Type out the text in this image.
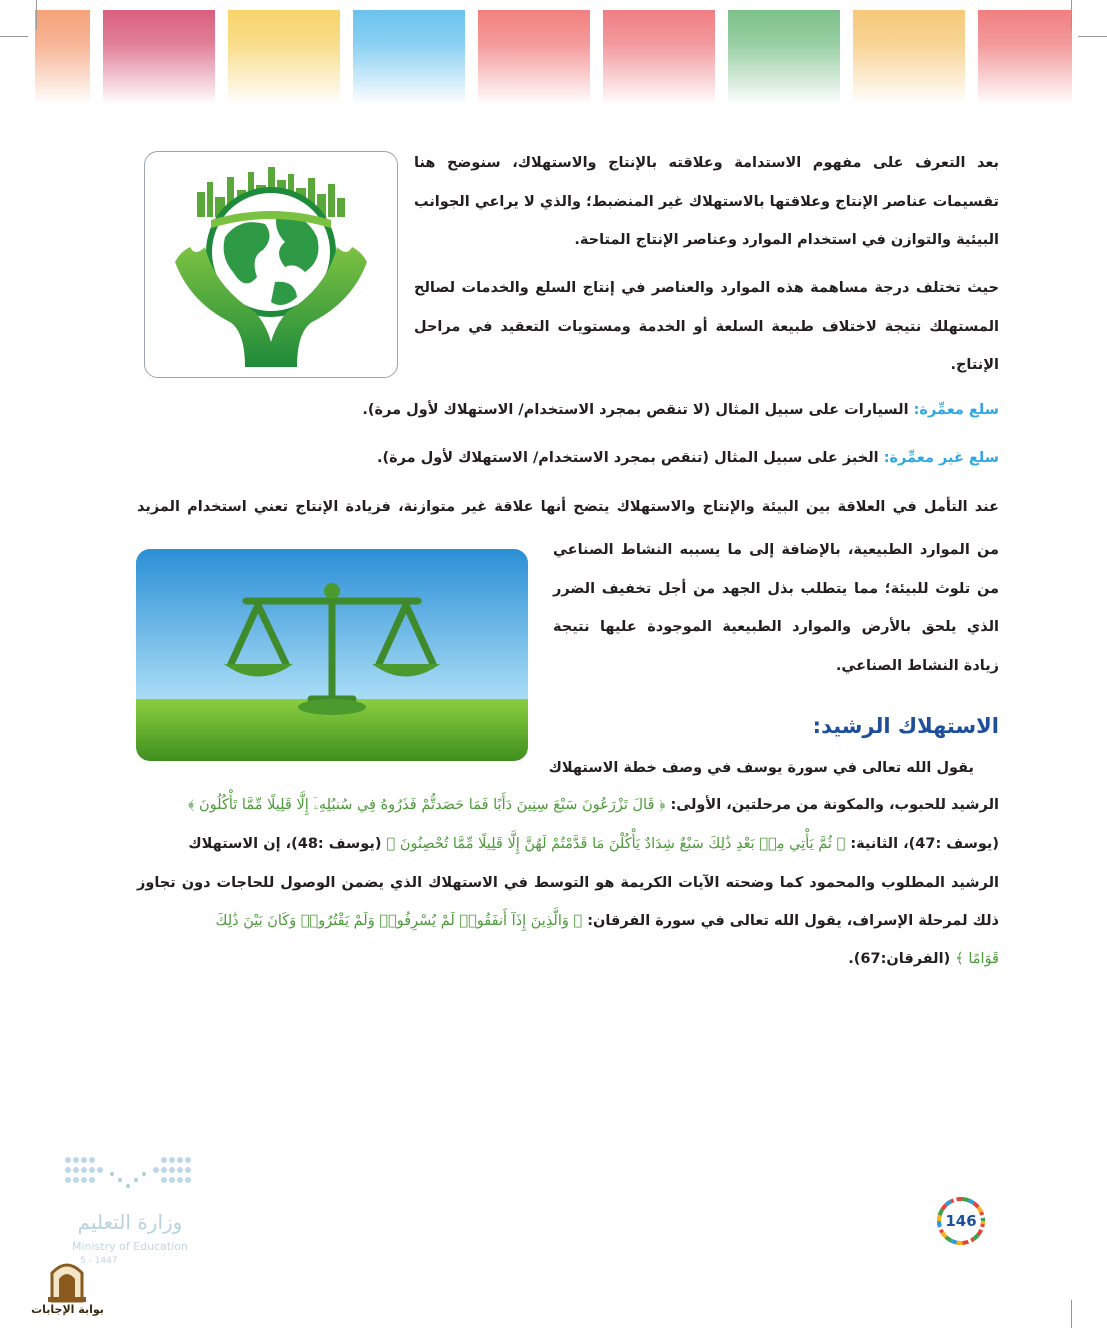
بعد التعرف على مفهوم الاستدامة وعلاقته بالإنتاج والاستهلاك، سنوضح هنا تقسيمات عناصر الإنتاج وعلاقتها بالاستهلاك غير المنضبط؛ والذي لا يراعي الجوانب البيئية والتوازن في استخدام الموارد وعناصر الإنتاج المتاحة.

حيث تختلف درجة مساهمة هذه الموارد والعناصر في إنتاج السلع والخدمات لصالح المستهلك نتيجة لاختلاف طبيعة السلعة أو الخدمة ومستويات التعقيد في مراحل الإنتاج.

سلع معمِّرة: السيارات على سبيل المثال (لا تنقص بمجرد الاستخدام/ الاستهلاك لأول مرة).

سلع غير معمِّرة: الخبز على سبيل المثال (تنقص بمجرد الاستخدام/ الاستهلاك لأول مرة).

عند التأمل في العلاقة بين البيئة والإنتاج والاستهلاك يتضح أنها علاقة غير متوازنة، فزيادة الإنتاج تعني استخدام المزيد

من الموارد الطبيعية، بالإضافة إلى ما يسببه النشاط الصناعي من تلوث للبيئة؛ مما يتطلب بذل الجهد من أجل تخفيف الضرر الذي يلحق بالأرض والموارد الطبيعية الموجودة عليها نتيجة زيادة النشاط الصناعي.

الاستهلاك الرشيد:

يقول الله تعالى في سورة يوسف في وصف خطة الاستهلاك

الرشيد للحبوب، والمكونة من مرحلتين، الأولى: ﴿ قَالَ تَزْرَعُونَ سَبْعَ سِنِينَ دَأَبًا فَمَا حَصَدتُّمْ فَذَرُوهُ فِي سُنبُلِهِۦٓ إِلَّا قَلِيلًا مِّمَّا تَأْكُلُونَ ﴾

(يوسف :47)، الثانية: ﴿ ثُمَّ يَأْتِي مِنۢ بَعْدِ ذَٰلِكَ سَبْعٌ شِدَادٌ يَأْكُلْنَ مَا قَدَّمْتُمْ لَهُنَّ إِلَّا قَلِيلًا مِّمَّا تُحْصِنُونَ ﴾ (يوسف :48)، إن الاستهلاك

الرشيد المطلوب والمحمود كما وضحته الآيات الكريمة هو التوسط في الاستهلاك الذي يضمن الوصول للحاجات دون تجاوز

ذلك لمرحلة الإسراف، يقول الله تعالى في سورة الفرقان: ﴿ وَالَّذِينَ إِذَآ أَنفَقُوا۟ لَمْ يُسْرِفُوا۟ وَلَمْ يَقْتُرُوا۟ وَكَانَ بَيْنَ ذَٰلِكَ

قَوَامًا ﴾ (الفرقان:67).

وزارة التعليم
Ministry of Education
5 - 1447
بوابة الإجابات
146
